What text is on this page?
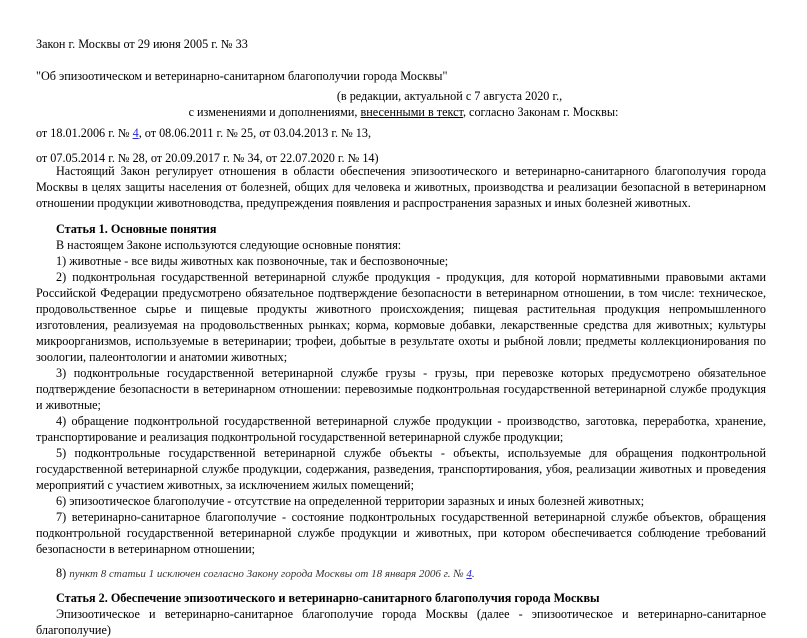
Закон г. Москвы от 29 июня 2005 г. № 33
"Об эпизоотическом и ветеринарно-санитарном благополучии города Москвы"
(в редакции, актуальной с 7 августа 2020 г.,
с изменениями и дополнениями, внесенными в текст, согласно Законам г. Москвы:
от 18.01.2006 г. № 4, от 08.06.2011 г. № 25, от 03.04.2013 г. № 13,
от 07.05.2014 г. № 28, от 20.09.2017 г. № 34, от 22.07.2020 г. № 14)

Настоящий Закон регулирует отношения в области обеспечения эпизоотического и ветеринарно-санитарного благополучия города Москвы в целях защиты населения от болезней, общих для человека и животных, производства и реализации безопасной в ветеринарном отношении продукции животноводства, предупреждения появления и распространения заразных и иных болезней животных.

Статья 1. Основные понятия

В настоящем Законе используются следующие основные понятия:

1) животные - все виды животных как позвоночные, так и беспозвоночные;

2) подконтрольная государственной ветеринарной службе продукция - продукция, для которой нормативными правовыми актами Российской Федерации предусмотрено обязательное подтверждение безопасности в ветеринарном отношении, в том числе: техническое, продовольственное сырье и пищевые продукты животного происхождения; пищевая растительная продукция непромышленного изготовления, реализуемая на продовольственных рынках; корма, кормовые добавки, лекарственные средства для животных; культуры микроорганизмов, используемые в ветеринарии; трофеи, добытые в результате охоты и рыбной ловли; предметы коллекционирования по зоологии, палеонтологии и анатомии животных;

3) подконтрольные государственной ветеринарной службе грузы - грузы, при перевозке которых предусмотрено обязательное подтверждение безопасности в ветеринарном отношении: перевозимые подконтрольная государственной ветеринарной службе продукция и животные;

4) обращение подконтрольной государственной ветеринарной службе продукции - производство, заготовка, переработка, хранение, транспортирование и реализация подконтрольной государственной ветеринарной службе продукции;

5) подконтрольные государственной ветеринарной службе объекты - объекты, используемые для обращения подконтрольной государственной ветеринарной службе продукции, содержания, разведения, транспортирования, убоя, реализации животных и проведения мероприятий с участием животных, за исключением жилых помещений;

6) эпизоотическое благополучие - отсутствие на определенной территории заразных и иных болезней животных;

7) ветеринарно-санитарное благополучие - состояние подконтрольных государственной ветеринарной службе объектов, обращения подконтрольной государственной ветеринарной службе продукции и животных, при котором обеспечивается соблюдение требований безопасности в ветеринарном отношении;

8) пункт 8 статьи 1 исключен согласно Закону города Москвы от 18 января 2006 г. № 4.

Статья 2. Обеспечение эпизоотического и ветеринарно-санитарного благополучия города Москвы

Эпизоотическое и ветеринарно-санитарное благополучие города Москвы (далее - эпизоотическое и ветеринарно-санитарное благополучие)
